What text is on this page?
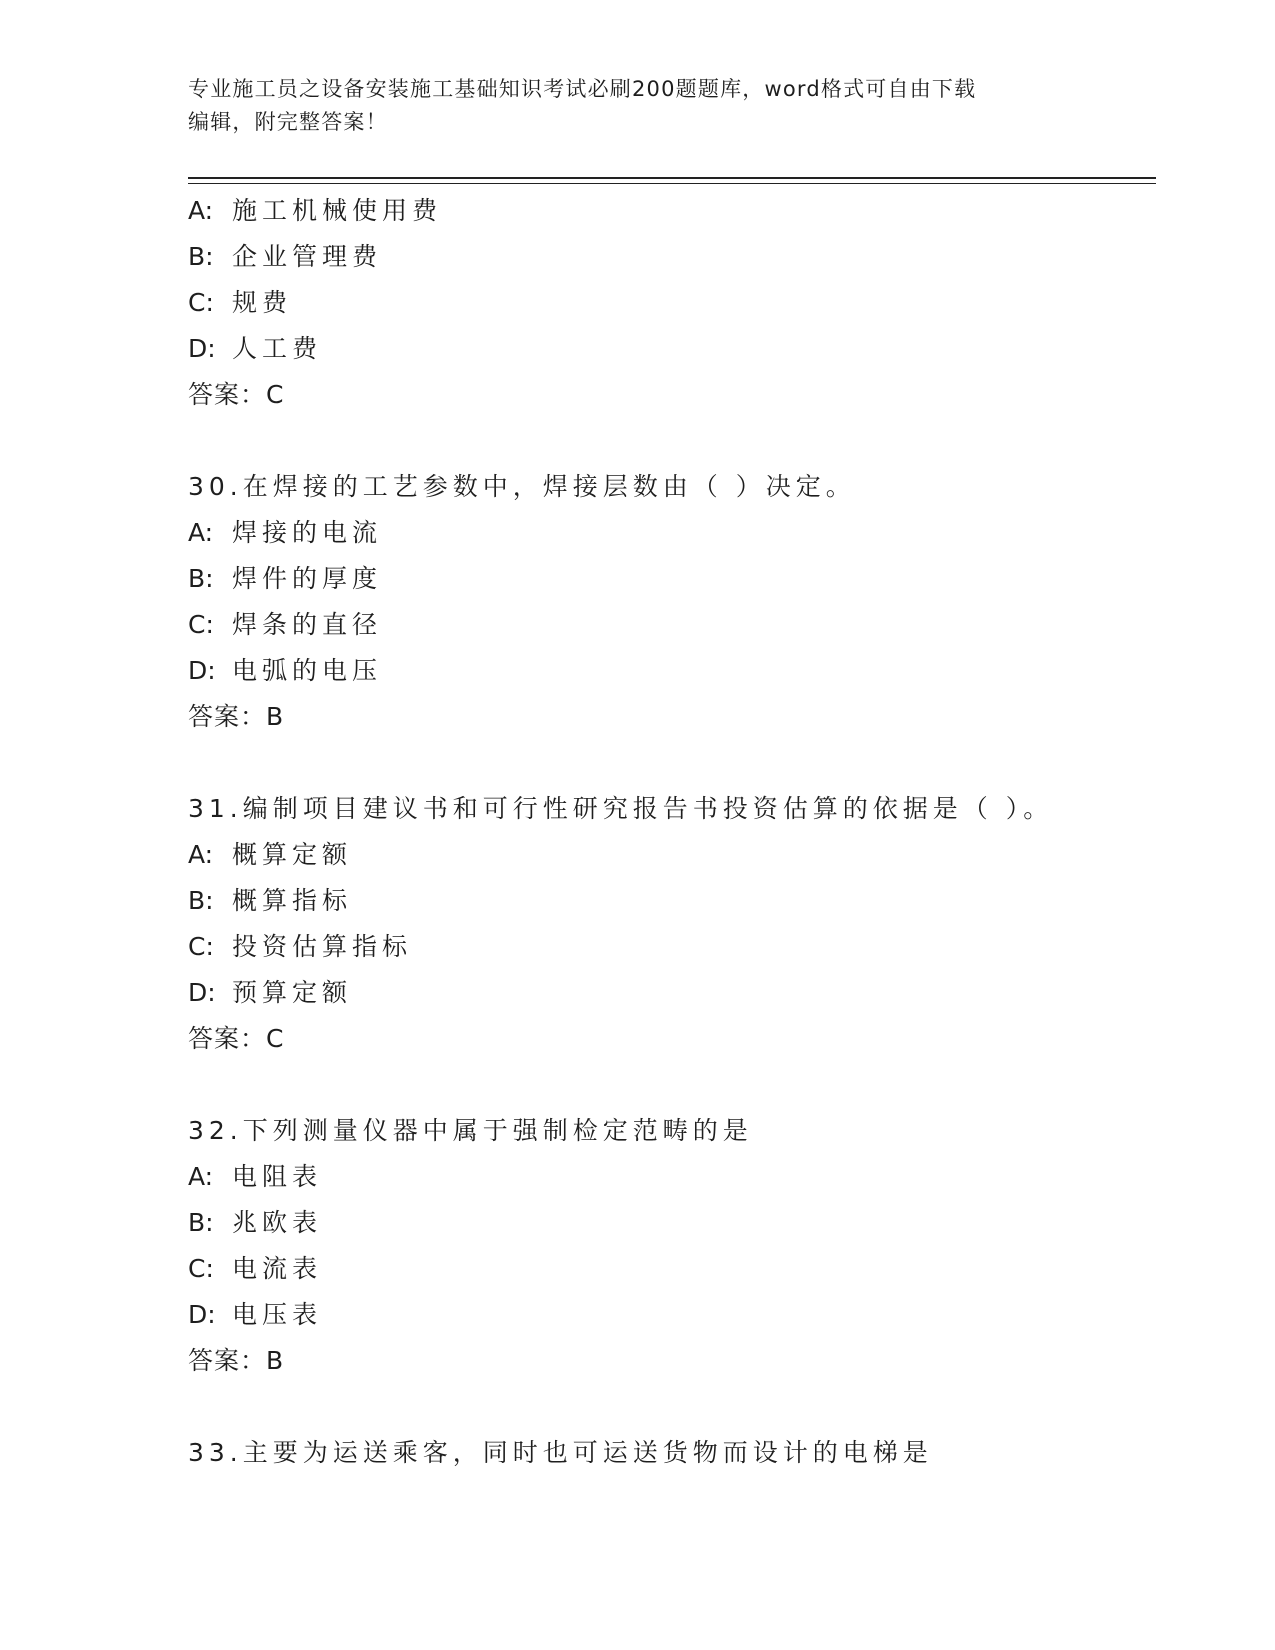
专业施工员之设备安装施工基础知识考试必刷200题题库，word格式可自由下载
编辑，附完整答案！
A: 施工机械使用费
B: 企业管理费
C: 规费
D: 人工费
答案：C
30.在焊接的工艺参数中，焊接层数由（ ）决定。
A: 焊接的电流
B: 焊件的厚度
C: 焊条的直径
D: 电弧的电压
答案：B
31.编制项目建议书和可行性研究报告书投资估算的依据是（ ）。
A: 概算定额
B: 概算指标
C: 投资估算指标
D: 预算定额
答案：C
32.下列测量仪器中属于强制检定范畴的是
A: 电阻表
B: 兆欧表
C: 电流表
D: 电压表
答案：B
33.主要为运送乘客，同时也可运送货物而设计的电梯是
